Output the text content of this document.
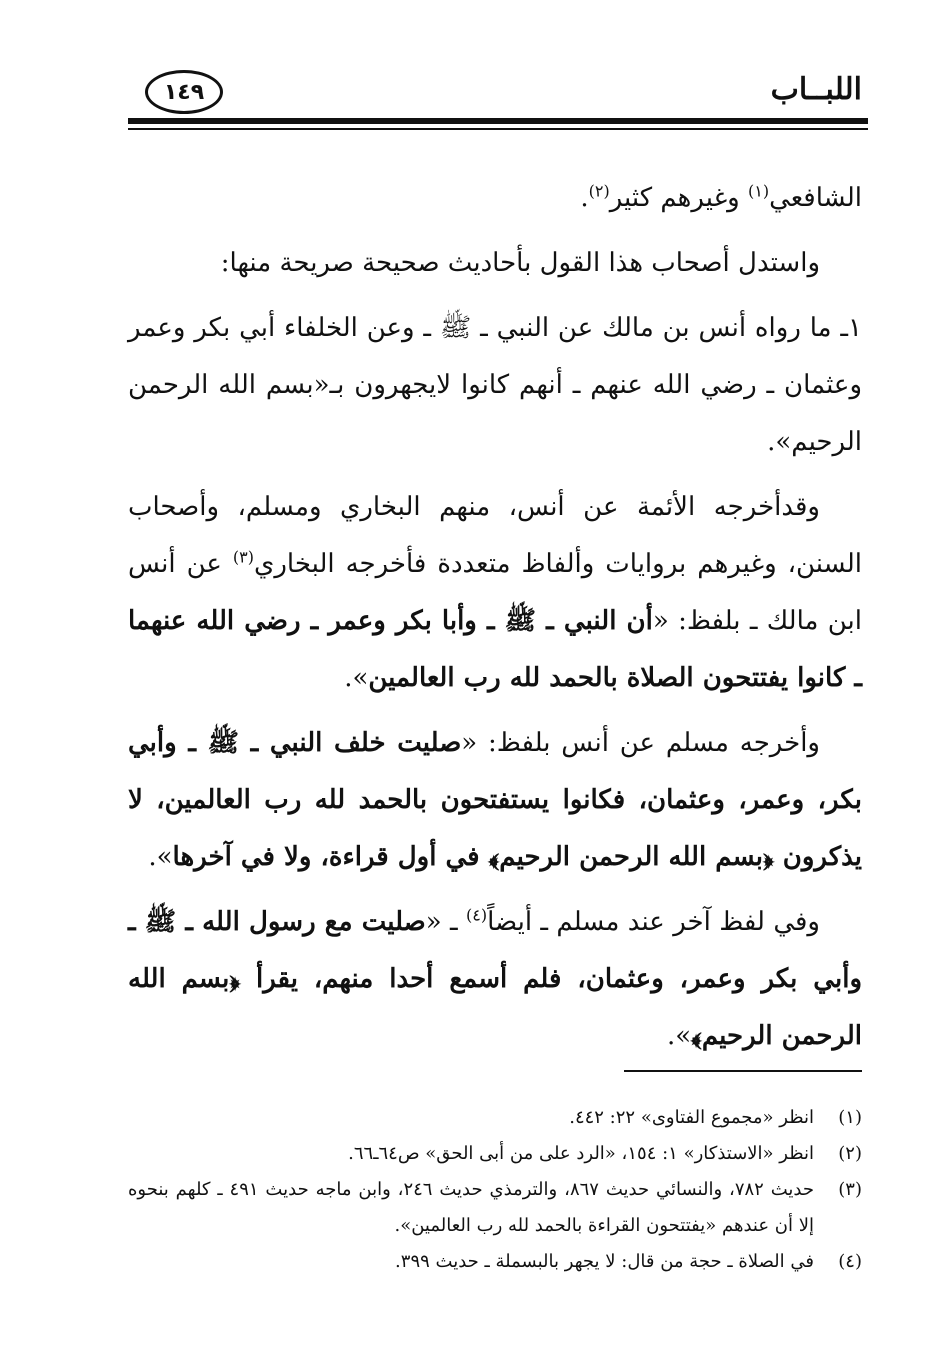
اللبــاب
١٤٩

الشافعي$^{(١)}$ وغيرهم كثير$^{(٢)}$.

واستدل أصحاب هذا القول بأحاديث صحيحة صريحة منها:

١ـ ما رواه أنس بن مالك عن النبي ـ ﷺ ـ وعن الخلفاء أبي بكر وعمر وعثمان ـ رضي الله عنهم ـ أنهم كانوا لايجهرون بـ«بسم الله الرحمن الرحيم».

وقدأخرجه الأئمة عن أنس، منهم البخاري ومسلم، وأصحاب السنن، وغيرهم بروايات وألفاظ متعددة فأخرجه البخاري$^{(٣)}$ عن أنس ابن مالك ـ بلفظ: «أن النبي ـ ﷺ ـ وأبا بكر وعمر ـ رضي الله عنهما ـ كانوا يفتتحون الصلاة بالحمد لله رب العالمين».

وأخرجه مسلم عن أنس بلفظ: «صليت خلف النبي ـ ﷺ ـ وأبي بكر، وعمر، وعثمان، فكانوا يستفتحون بالحمد لله رب العالمين، لا يذكرون ﴿بسم الله الرحمن الرحيم﴾ في أول قراءة، ولا في آخرها».

وفي لفظ آخر عند مسلم ـ أيضاً$^{(٤)}$ ـ «صليت مع رسول الله ـ ﷺ ـ وأبي بكر وعمر، وعثمان، فلم أسمع أحدا منهم، يقرأ ﴿بسم الله الرحمن الرحيم﴾».

(١)
انظر «مجموع الفتاوى» ٢٢: ٤٤٢.
(٢)
انظر «الاستذكار» ١: ١٥٤، «الرد على من أبى الحق» ص٦٤ـ٦٦.
(٣)
حديث ٧٨٢، والنسائي حديث ٨٦٧، والترمذي حديث ٢٤٦، وابن ماجه حديث ٤٩١ ـ كلهم بنحوه إلا أن عندهم «يفتتحون القراءة بالحمد لله رب العالمين».
(٤)
في الصلاة ـ حجة من قال: لا يجهر بالبسملة ـ حديث ٣٩٩.
